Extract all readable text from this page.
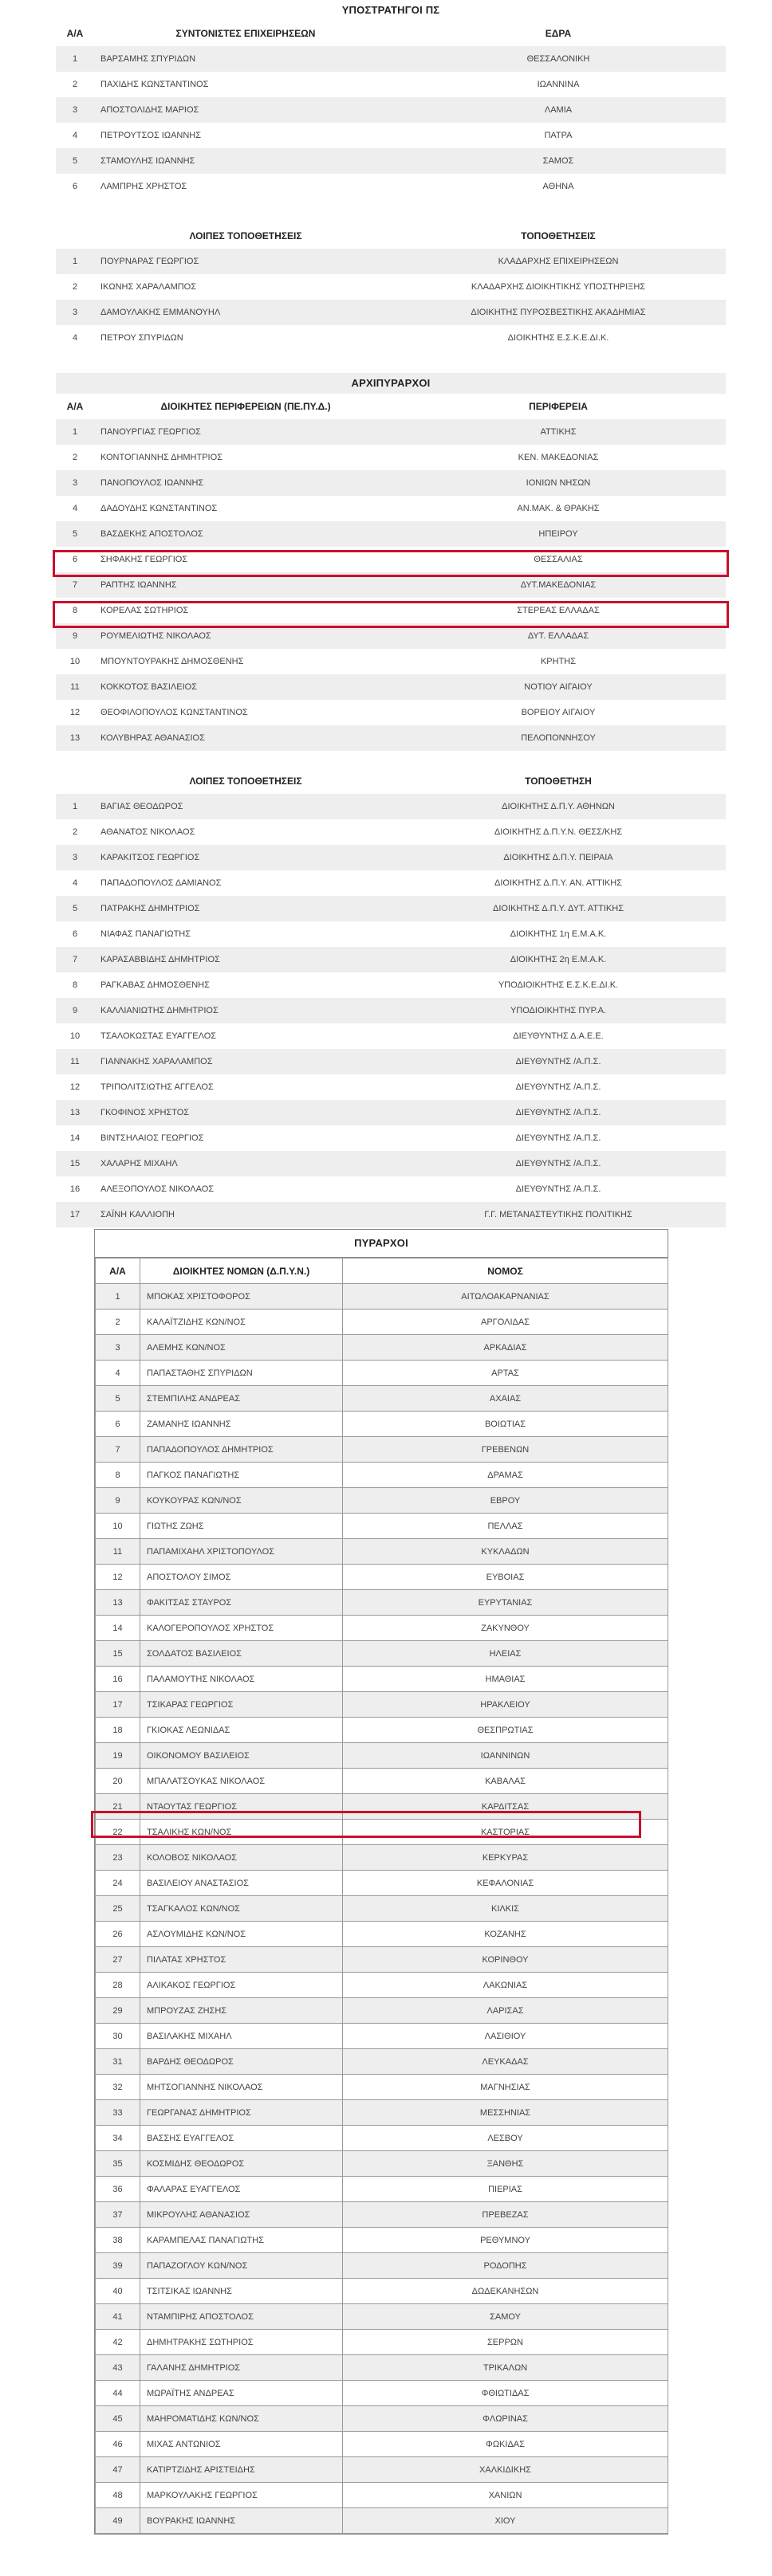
ΥΠΟΣΤΡΑΤΗΓΟΙ ΠΣ
Α/Α	ΣΥΝΤΟΝΙΣΤΕΣ ΕΠΙΧΕΙΡΗΣΕΩΝ	ΕΔΡΑ
1	ΒΑΡΣΑΜΗΣ ΣΠΥΡΙΔΩΝ	ΘΕΣΣΑΛΟΝΙΚΗ
2	ΠΑΧΙΔΗΣ ΚΩΝΣΤΑΝΤΙΝΟΣ	ΙΩΑΝΝΙΝΑ
3	ΑΠΟΣΤΟΛΙΔΗΣ ΜΑΡΙΟΣ	ΛΑΜΙΑ
4	ΠΕΤΡΟΥΤΣΟΣ ΙΩΑΝΝΗΣ	ΠΑΤΡΑ
5	ΣΤΑΜΟΥΛΗΣ ΙΩΑΝΝΗΣ	ΣΑΜΟΣ
6	ΛΑΜΠΡΗΣ ΧΡΗΣΤΟΣ	ΑΘΗΝΑ
	ΛΟΙΠΕΣ ΤΟΠΟΘΕΤΗΣΕΙΣ	ΤΟΠΟΘΕΤΗΣΕΙΣ
1	ΠΟΥΡΝΑΡΑΣ ΓΕΩΡΓΙΟΣ	ΚΛΑΔΑΡΧΗΣ ΕΠΙΧΕΙΡΗΣΕΩΝ
2	ΙΚΩΝΗΣ ΧΑΡΑΛΑΜΠΟΣ	ΚΛΑΔΑΡΧΗΣ ΔΙΟΙΚΗΤΙΚΗΣ ΥΠΟΣΤΗΡΙΞΗΣ
3	ΔΑΜΟΥΛΑΚΗΣ ΕΜΜΑΝΟΥΗΛ	ΔΙΟΙΚΗΤΗΣ ΠΥΡΟΣΒΕΣΤΙΚΗΣ ΑΚΑΔΗΜΙΑΣ
4	ΠΕΤΡΟΥ ΣΠΥΡΙΔΩΝ	ΔΙΟΙΚΗΤΗΣ Ε.Σ.Κ.Ε.ΔΙ.Κ.
ΑΡΧΙΠΥΡΑΡΧΟΙ
Α/Α	ΔΙΟΙΚΗΤΕΣ ΠΕΡΙΦΕΡΕΙΩΝ (ΠΕ.ΠΥ.Δ.)	ΠΕΡΙΦΕΡΕΙΑ
1	ΠΑΝΟΥΡΓΙΑΣ ΓΕΩΡΓΙΟΣ	ΑΤΤΙΚΗΣ
2	ΚΟΝΤΟΓΙΑΝΝΗΣ ΔΗΜΗΤΡΙΟΣ	ΚΕΝ. ΜΑΚΕΔΟΝΙΑΣ
3	ΠΑΝΟΠΟΥΛΟΣ ΙΩΑΝΝΗΣ	ΙΟΝΙΩΝ ΝΗΣΩΝ
4	ΔΑΔΟΥΔΗΣ ΚΩΝΣΤΑΝΤΙΝΟΣ	ΑΝ.ΜΑΚ. & ΘΡΑΚΗΣ
5	ΒΑΣΔΕΚΗΣ ΑΠΟΣΤΟΛΟΣ	ΗΠΕΙΡΟΥ
6	ΣΗΦΑΚΗΣ ΓΕΩΡΓΙΟΣ	ΘΕΣΣΑΛΙΑΣ
7	ΡΑΠΤΗΣ ΙΩΑΝΝΗΣ	ΔΥΤ.ΜΑΚΕΔΟΝΙΑΣ
8	ΚΟΡΕΛΑΣ ΣΩΤΗΡΙΟΣ	ΣΤΕΡΕΑΣ ΕΛΛΑΔΑΣ
9	ΡΟΥΜΕΛΙΩΤΗΣ ΝΙΚΟΛΑΟΣ	ΔΥΤ. ΕΛΛΑΔΑΣ
10	ΜΠΟΥΝΤΟΥΡΑΚΗΣ ΔΗΜΟΣΘΕΝΗΣ	ΚΡΗΤΗΣ
11	ΚΟΚΚΟΤΟΣ ΒΑΣΙΛΕΙΟΣ	ΝΟΤΙΟΥ ΑΙΓΑΙΟΥ
12	ΘΕΟΦΙΛΟΠΟΥΛΟΣ ΚΩΝΣΤΑΝΤΙΝΟΣ	ΒΟΡΕΙΟΥ ΑΙΓΑΙΟΥ
13	ΚΟΛΥΒΗΡΑΣ ΑΘΑΝΑΣΙΟΣ	ΠΕΛΟΠΟΝΝΗΣΟΥ
	ΛΟΙΠΕΣ ΤΟΠΟΘΕΤΗΣΕΙΣ	ΤΟΠΟΘΕΤΗΣΗ
1	ΒΑΓΙΑΣ ΘΕΟΔΩΡΟΣ	ΔΙΟΙΚΗΤΗΣ Δ.Π.Υ. ΑΘΗΝΩΝ
2	ΑΘΑΝΑΤΟΣ ΝΙΚΟΛΑΟΣ	ΔΙΟΙΚΗΤΗΣ Δ.Π.Υ.Ν. ΘΕΣΣ/ΚΗΣ
3	ΚΑΡΑΚΙΤΣΟΣ ΓΕΩΡΓΙΟΣ	ΔΙΟΙΚΗΤΗΣ Δ.Π.Υ. ΠΕΙΡΑΙΑ
4	ΠΑΠΑΔΟΠΟΥΛΟΣ ΔΑΜΙΑΝΟΣ	ΔΙΟΙΚΗΤΗΣ Δ.Π.Υ. ΑΝ. ΑΤΤΙΚΗΣ
5	ΠΑΤΡΑΚΗΣ ΔΗΜΗΤΡΙΟΣ	ΔΙΟΙΚΗΤΗΣ Δ.Π.Υ. ΔΥΤ. ΑΤΤΙΚΗΣ
6	ΝΙΑΦΑΣ ΠΑΝΑΓΙΩΤΗΣ	ΔΙΟΙΚΗΤΗΣ 1η Ε.Μ.Α.Κ.
7	ΚΑΡΑΣΑΒΒΙΔΗΣ ΔΗΜΗΤΡΙΟΣ	ΔΙΟΙΚΗΤΗΣ 2η Ε.Μ.Α.Κ.
8	ΡΑΓΚΑΒΑΣ ΔΗΜΟΣΘΕΝΗΣ	ΥΠΟΔΙΟΙΚΗΤΗΣ Ε.Σ.Κ.Ε.ΔΙ.Κ.
9	ΚΑΛΛΙΑΝΙΩΤΗΣ ΔΗΜΗΤΡΙΟΣ	ΥΠΟΔΙΟΙΚΗΤΗΣ ΠΥΡ.Α.
10	ΤΣΑΛΟΚΩΣΤΑΣ ΕΥΑΓΓΕΛΟΣ	ΔΙΕΥΘΥΝΤΗΣ Δ.Α.Ε.Ε.
11	ΓΙΑΝΝΑΚΗΣ ΧΑΡΑΛΑΜΠΟΣ	ΔΙΕΥΘΥΝΤΗΣ /Α.Π.Σ.
12	ΤΡΙΠΟΛΙΤΣΙΩΤΗΣ ΑΓΓΕΛΟΣ	ΔΙΕΥΘΥΝΤΗΣ /Α.Π.Σ.
13	ΓΚΟΦΙΝΟΣ ΧΡΗΣΤΟΣ	ΔΙΕΥΘΥΝΤΗΣ /Α.Π.Σ.
14	ΒΙΝΤΣΗΛΑΙΟΣ ΓΕΩΡΓΙΟΣ	ΔΙΕΥΘΥΝΤΗΣ /Α.Π.Σ.
15	ΧΑΛΑΡΗΣ ΜΙΧΑΗΛ	ΔΙΕΥΘΥΝΤΗΣ /Α.Π.Σ.
16	ΑΛΕΞΟΠΟΥΛΟΣ ΝΙΚΟΛΑΟΣ	ΔΙΕΥΘΥΝΤΗΣ /Α.Π.Σ.
17	ΣΑΪΝΗ ΚΑΛΛΙΟΠΗ	Γ.Γ. ΜΕΤΑΝΑΣΤΕΥΤΙΚΗΣ ΠΟΛΙΤΙΚΗΣ
ΠΥΡΑΡΧΟΙ
Α/Α	ΔΙΟΙΚΗΤΕΣ ΝΟΜΩΝ (Δ.Π.Υ.Ν.)	ΝΟΜΟΣ
1	ΜΠΟΚΑΣ ΧΡΙΣΤΟΦΟΡΟΣ	ΑΙΤΩΛΟΑΚΑΡΝΑΝΙΑΣ
2	ΚΑΛΑΪΤΖΙΔΗΣ ΚΩΝ/ΝΟΣ	ΑΡΓΟΛΙΔΑΣ
3	ΑΛΕΜΗΣ ΚΩΝ/ΝΟΣ	ΑΡΚΑΔΙΑΣ
4	ΠΑΠΑΣΤΑΘΗΣ ΣΠΥΡΙΔΩΝ	ΑΡΤΑΣ
5	ΣΤΕΜΠΙΛΗΣ ΑΝΔΡΕΑΣ	ΑΧΑΙΑΣ
6	ΖΑΜΑΝΗΣ ΙΩΑΝΝΗΣ	ΒΟΙΩΤΙΑΣ
7	ΠΑΠΑΔΟΠΟΥΛΟΣ ΔΗΜΗΤΡΙΟΣ	ΓΡΕΒΕΝΩΝ
8	ΠΑΓΚΟΣ ΠΑΝΑΓΙΩΤΗΣ	ΔΡΑΜΑΣ
9	ΚΟΥΚΟΥΡΑΣ ΚΩΝ/ΝΟΣ	ΕΒΡΟΥ
10	ΓΙΩΤΗΣ ΖΩΗΣ	ΠΕΛΛΑΣ
11	ΠΑΠΑΜΙΧΑΗΛ ΧΡΙΣΤΟΠΟΥΛΟΣ	ΚΥΚΛΑΔΩΝ
12	ΑΠΟΣΤΟΛΟΥ ΣΙΜΟΣ	ΕΥΒΟΙΑΣ
13	ΦΑΚΙΤΣΑΣ ΣΤΑΥΡΟΣ	ΕΥΡΥΤΑΝΙΑΣ
14	ΚΑΛΟΓΕΡΟΠΟΥΛΟΣ ΧΡΗΣΤΟΣ	ΖΑΚΥΝΘΟΥ
15	ΣΟΛΔΑΤΟΣ ΒΑΣΙΛΕΙΟΣ	ΗΛΕΙΑΣ
16	ΠΑΛΑΜΟΥΤΗΣ ΝΙΚΟΛΑΟΣ	ΗΜΑΘΙΑΣ
17	ΤΣΙΚΑΡΑΣ ΓΕΩΡΓΙΟΣ	ΗΡΑΚΛΕΙΟΥ
18	ΓΚΙΟΚΑΣ ΛΕΩΝΙΔΑΣ	ΘΕΣΠΡΩΤΙΑΣ
19	ΟΙΚΟΝΟΜΟΥ ΒΑΣΙΛΕΙΟΣ	ΙΩΑΝΝΙΝΩΝ
20	ΜΠΑΛΑΤΣΟΥΚΑΣ ΝΙΚΟΛΑΟΣ	ΚΑΒΑΛΑΣ
21	ΝΤΑΟΥΤΑΣ ΓΕΩΡΓΙΟΣ	ΚΑΡΔΙΤΣΑΣ
22	ΤΣΑΛΙΚΗΣ ΚΩΝ/ΝΟΣ	ΚΑΣΤΟΡΙΑΣ
23	ΚΟΛΟΒΟΣ ΝΙΚΟΛΑΟΣ	ΚΕΡΚΥΡΑΣ
24	ΒΑΣΙΛΕΙΟΥ ΑΝΑΣΤΑΣΙΟΣ	ΚΕΦΑΛΟΝΙΑΣ
25	ΤΣΑΓΚΑΛΟΣ ΚΩΝ/ΝΟΣ	ΚΙΛΚΙΣ
26	ΑΣΛΟΥΜΙΔΗΣ ΚΩΝ/ΝΟΣ	ΚΟΖΑΝΗΣ
27	ΠΙΛΑΤΑΣ ΧΡΗΣΤΟΣ	ΚΟΡΙΝΘΟΥ
28	ΑΛΙΚΑΚΟΣ ΓΕΩΡΓΙΟΣ	ΛΑΚΩΝΙΑΣ
29	ΜΠΡΟΥΖΑΣ ΖΗΣΗΣ	ΛΑΡΙΣΑΣ
30	ΒΑΣΙΛΑΚΗΣ ΜΙΧΑΗΛ	ΛΑΣΙΘΙΟΥ
31	ΒΑΡΔΗΣ ΘΕΟΔΩΡΟΣ	ΛΕΥΚΑΔΑΣ
32	ΜΗΤΣΟΓΙΑΝΝΗΣ ΝΙΚΟΛΑΟΣ	ΜΑΓΝΗΣΙΑΣ
33	ΓΕΩΡΓΑΝΑΣ ΔΗΜΗΤΡΙΟΣ	ΜΕΣΣΗΝΙΑΣ
34	ΒΑΣΣΗΣ ΕΥΑΓΓΕΛΟΣ	ΛΕΣΒΟΥ
35	ΚΟΣΜΙΔΗΣ ΘΕΟΔΩΡΟΣ	ΞΑΝΘΗΣ
36	ΦΑΛΑΡΑΣ ΕΥΑΓΓΕΛΟΣ	ΠΙΕΡΙΑΣ
37	ΜΙΚΡΟΥΛΗΣ ΑΘΑΝΑΣΙΟΣ	ΠΡΕΒΕΖΑΣ
38	ΚΑΡΑΜΠΕΛΑΣ ΠΑΝΑΓΙΩΤΗΣ	ΡΕΘΥΜΝΟΥ
39	ΠΑΠΑΖΟΓΛΟΥ ΚΩΝ/ΝΟΣ	ΡΟΔΟΠΗΣ
40	ΤΣΙΤΣΙΚΑΣ ΙΩΑΝΝΗΣ	ΔΩΔΕΚΑΝΗΣΩΝ
41	ΝΤΑΜΠΙΡΗΣ ΑΠΟΣΤΟΛΟΣ	ΣΑΜΟΥ
42	ΔΗΜΗΤΡΑΚΗΣ ΣΩΤΗΡΙΟΣ	ΣΕΡΡΩΝ
43	ΓΑΛΑΝΗΣ ΔΗΜΗΤΡΙΟΣ	ΤΡΙΚΑΛΩΝ
44	ΜΩΡΑΪΤΗΣ ΑΝΔΡΕΑΣ	ΦΘΙΩΤΙΔΑΣ
45	ΜΑΗΡΟΜΑΤΙΔΗΣ ΚΩΝ/ΝΟΣ	ΦΛΩΡΙΝΑΣ
46	ΜΙΧΑΣ ΑΝΤΩΝΙΟΣ	ΦΩΚΙΔΑΣ
47	ΚΑΤΙΡΤΖΙΔΗΣ ΑΡΙΣΤΕΙΔΗΣ	ΧΑΛΚΙΔΙΚΗΣ
48	ΜΑΡΚΟΥΛΑΚΗΣ ΓΕΩΡΓΙΟΣ	ΧΑΝΙΩΝ
49	ΒΟΥΡΑΚΗΣ ΙΩΑΝΝΗΣ	ΧΙΟΥ
